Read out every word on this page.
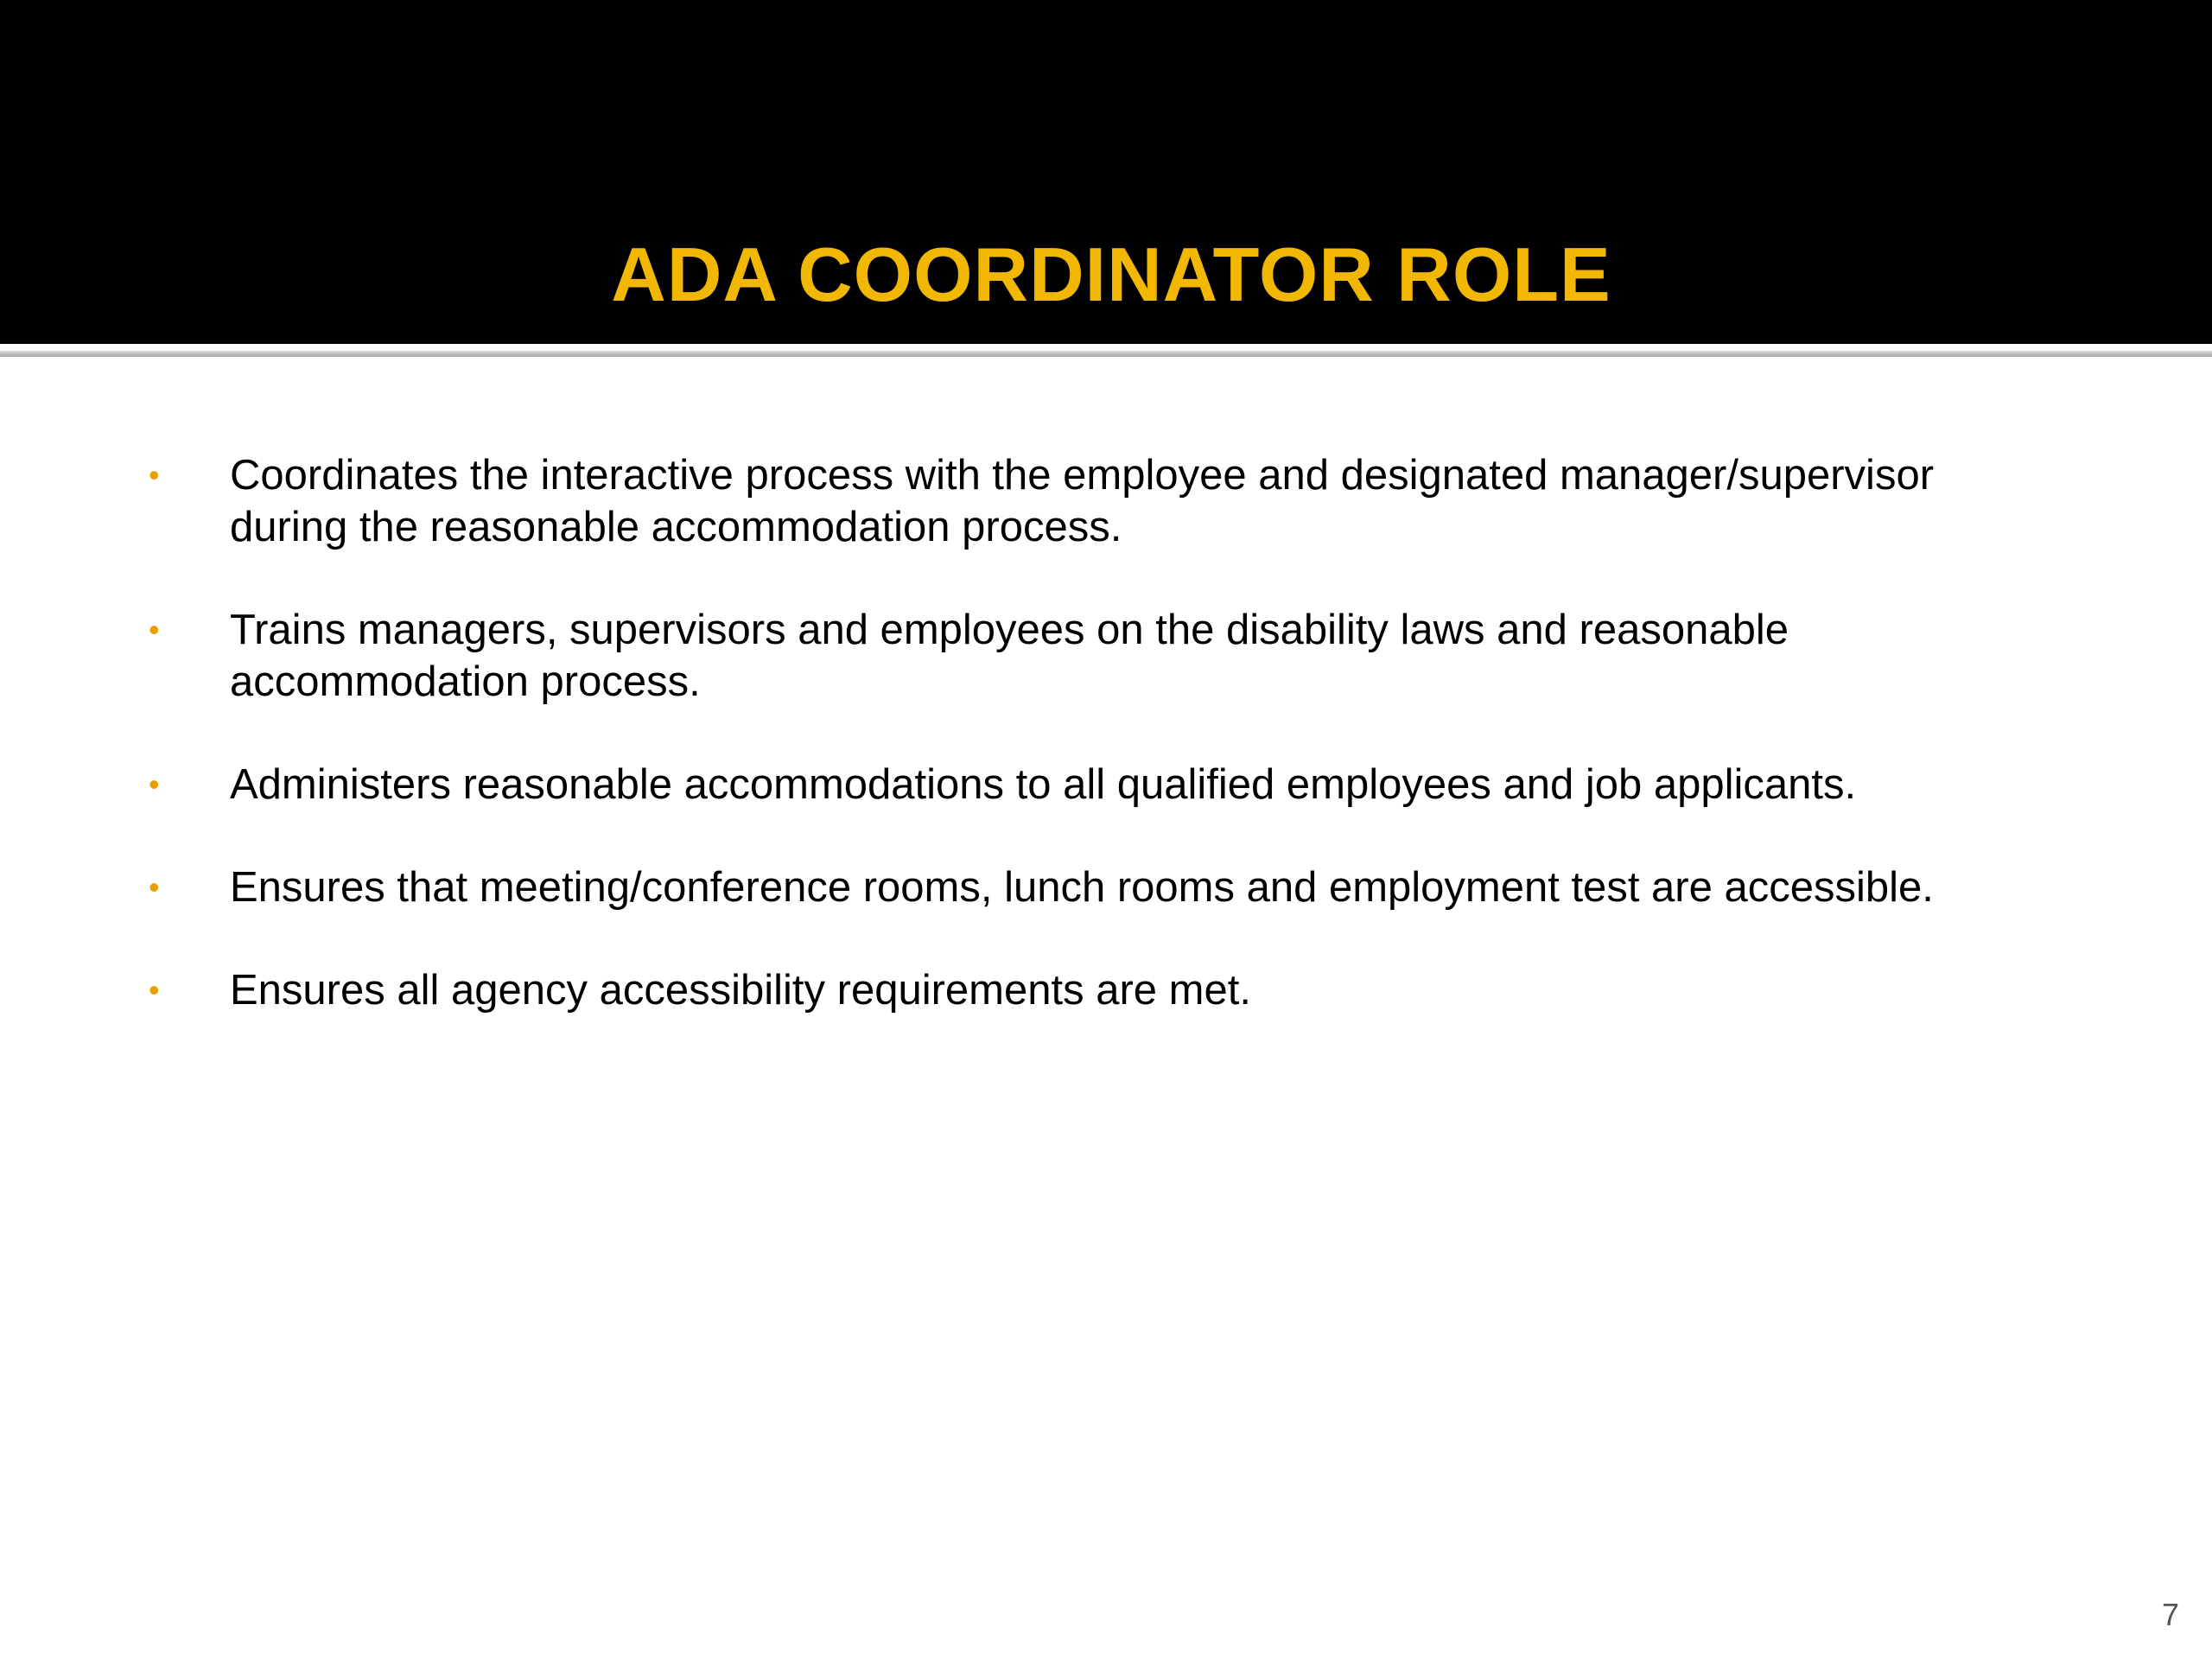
ADA COORDINATOR ROLE
• Coordinates the interactive process with the employee and designated manager/supervisor during the reasonable accommodation process.
• Trains managers, supervisors and employees on the disability laws and reasonable accommodation process.
• Administers reasonable accommodations to all qualified employees and job applicants.
• Ensures that meeting/conference rooms, lunch rooms and employment test are accessible.
• Ensures all agency accessibility requirements are met.
7
